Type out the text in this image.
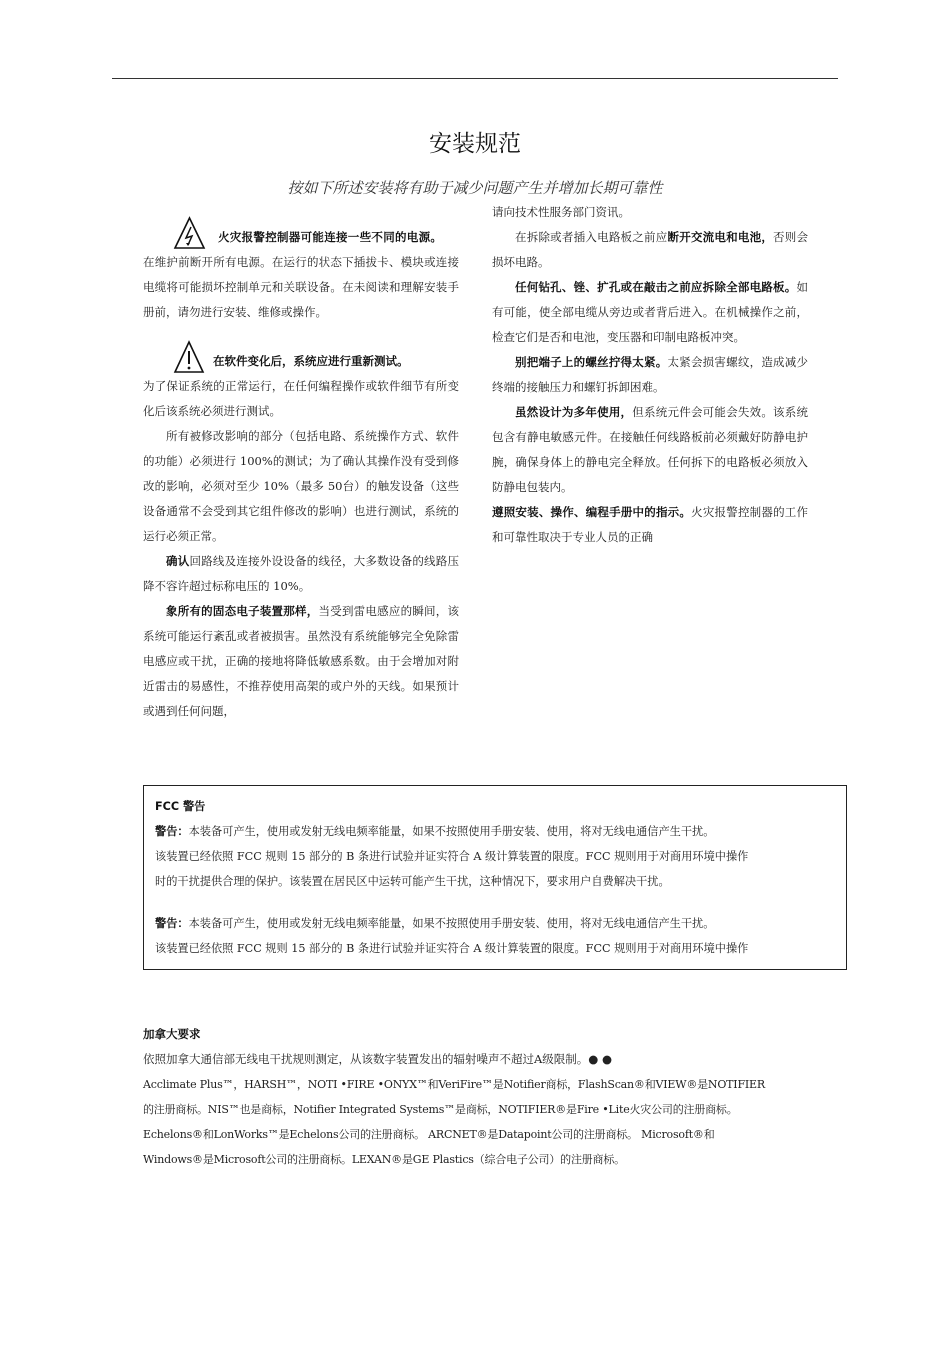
安装规范
按如下所述安装将有助于减少问题产生并增加长期可靠性
火灾报警控制器可能连接一些不同的电源。

在维护前断开所有电源。在运行的状态下插拔卡、模块或连接电缆将可能损坏控制单元和关联设备。在未阅读和理解安装手册前，请勿进行安装、维修或操作。

在软件变化后，系统应进行重新测试。

为了保证系统的正常运行，在任何编程操作或软件细节有所变化后该系统必须进行测试。

所有被修改影响的部分（包括电路、系统操作方式、软件的功能）必须进行 100%的测试；为了确认其操作没有受到修改的影响，必须对至少 10%（最多 50台）的触发设备（这些设备通常不会受到其它组件修改的影响）也进行测试，系统的运行必须正常。

确认回路线及连接外设设备的线径，大多数设备的线路压降不容许超过标称电压的 10%。

象所有的固态电子装置那样，当受到雷电感应的瞬间，该系统可能运行紊乱或者被损害。虽然没有系统能够完全免除雷电感应或干扰，正确的接地将降低敏感系数。由于会增加对附近雷击的易感性，不推荐使用高架的或户外的天线。如果预计或遇到任何问题，

请向技术性服务部门资讯。

在拆除或者插入电路板之前应断开交流电和电池，否则会损坏电路。

任何钻孔、锉、扩孔或在敲击之前应拆除全部电路板。如有可能，使全部电缆从旁边或者背后进入。在机械操作之前，检查它们是否和电池，变压器和印制电路板冲突。

别把端子上的螺丝拧得太紧。太紧会损害螺纹，造成减少终端的接触压力和螺钉拆卸困难。

虽然设计为多年使用，但系统元件会可能会失效。该系统包含有静电敏感元件。在接触任何线路板前必须戴好防静电护腕，确保身体上的静电完全释放。任何拆下的电路板必须放入防静电包装内。

遵照安装、操作、编程手册中的指示。火灾报警控制器的工作和可靠性取决于专业人员的正确

FCC 警告

警告：本装备可产生，使用或发射无线电频率能量，如果不按照使用手册安装、使用，将对无线电通信产生干扰。

该装置已经依照 FCC 规则 15 部分的 B 条进行试验并证实符合 A 级计算装置的限度。FCC 规则用于对商用环境中操作

时的干扰提供合理的保护。该装置在居民区中运转可能产生干扰，这种情况下，要求用户自费解决干扰。

警告：本装备可产生，使用或发射无线电频率能量，如果不按照使用手册安装、使用，将对无线电通信产生干扰。

该装置已经依照 FCC 规则 15 部分的 B 条进行试验并证实符合 A 级计算装置的限度。FCC 规则用于对商用环境中操作

加拿大要求

依照加拿大通信部无线电干扰规则测定，从该数字装置发出的辐射噪声不超过A级限制。● ●

Acclimate Plus™，HARSH™，NOTI •FIRE •ONYX™和VeriFire™是Notifier商标，FlashScan®和VIEW®是NOTIFIER

的注册商标。NIS™也是商标，Notifier Integrated Systems™是商标，NOTIFIER®是Fire •Lite火灾公司的注册商标。

Echelons®和LonWorks™是Echelons公司的注册商标。 ARCNET®是Datapoint公司的注册商标。 Microsoft®和

Windows®是Microsoft公司的注册商标。LEXAN®是GE Plastics（综合电子公司）的注册商标。
